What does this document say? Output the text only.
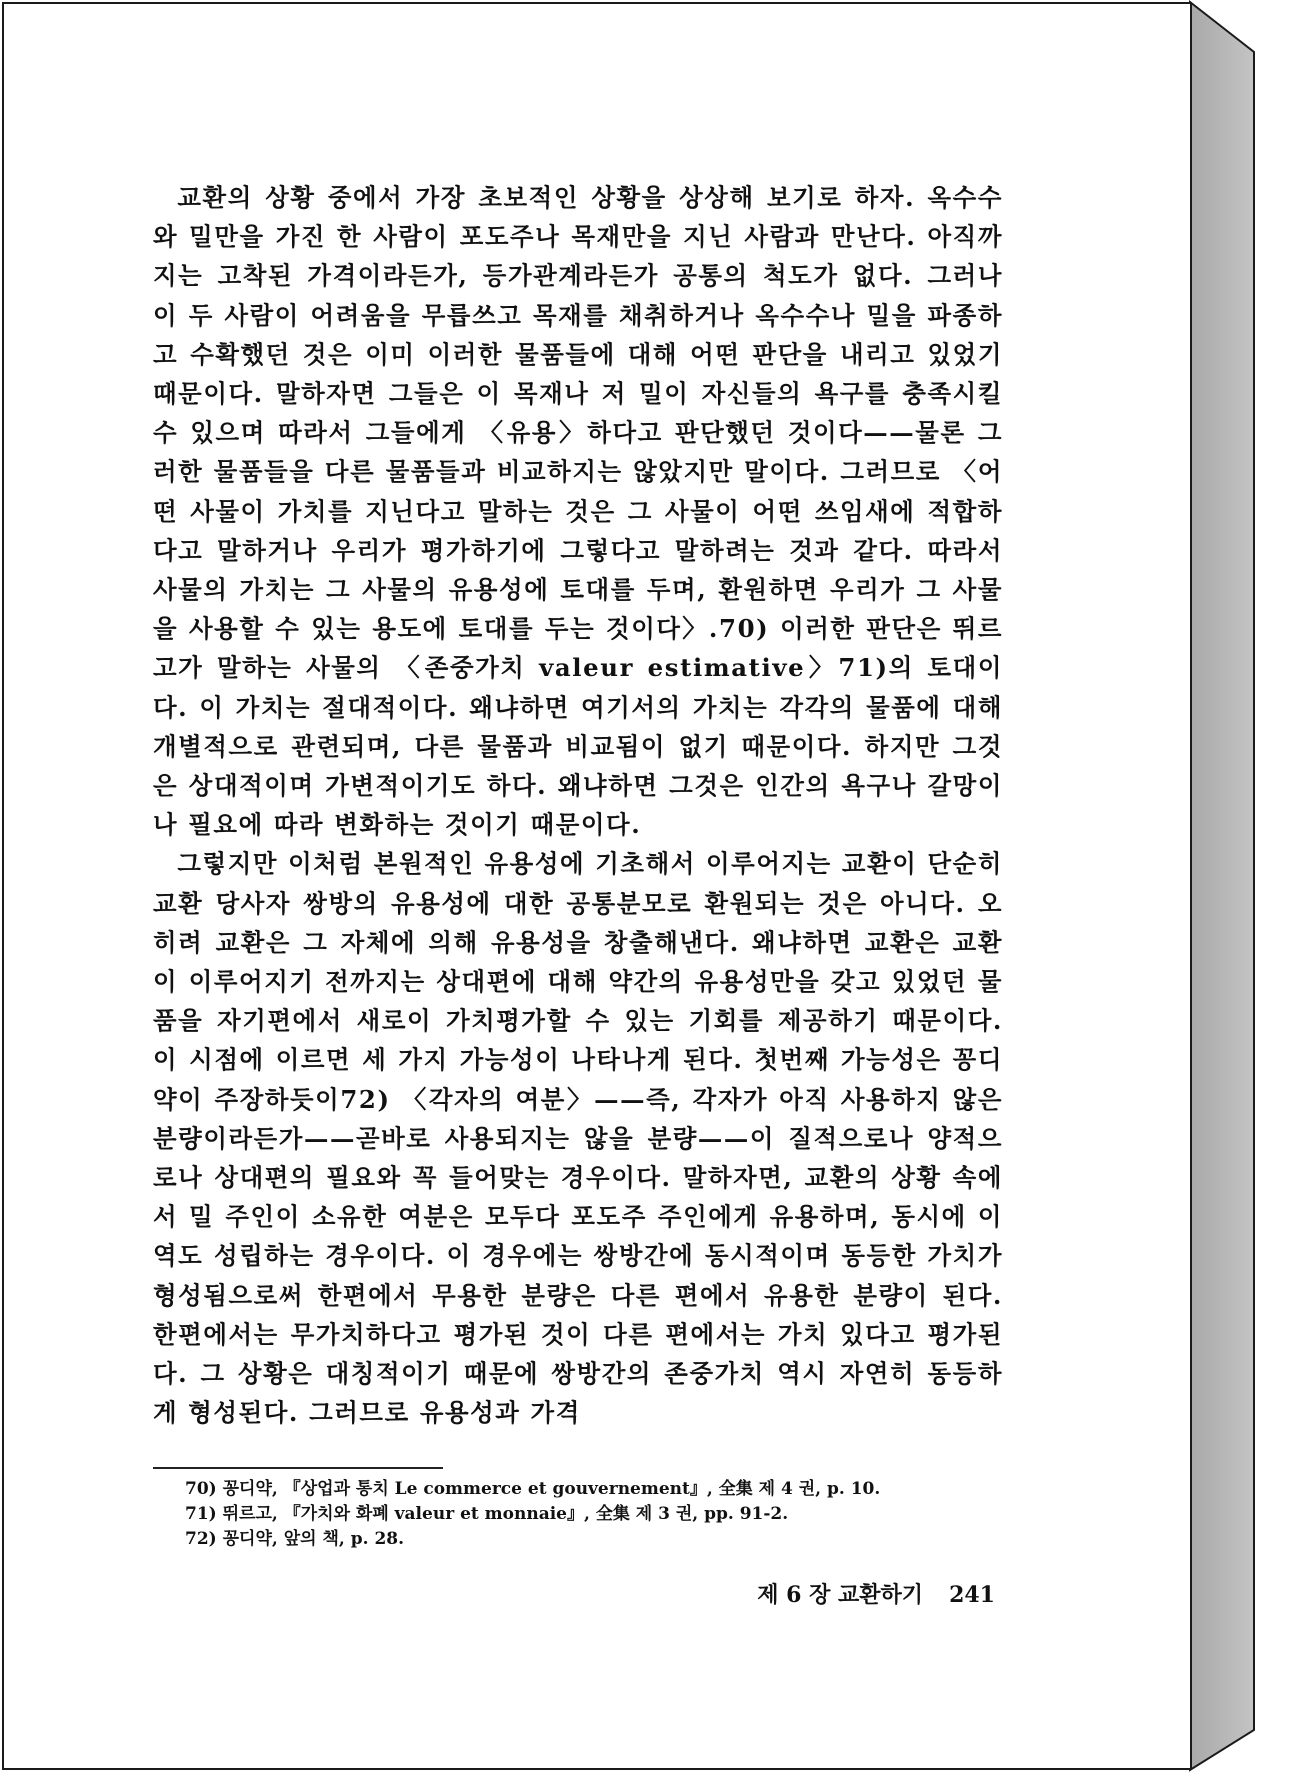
교환의 상황 중에서 가장 초보적인 상황을 상상해 보기로 하자. 옥수수와 밀만을 가진 한 사람이 포도주나 목재만을 지닌 사람과 만난다. 아직까지는 고착된 가격이라든가, 등가관계라든가 공통의 척도가 없다. 그러나 이 두 사람이 어려움을 무릅쓰고 목재를 채취하거나 옥수수나 밀을 파종하고 수확했던 것은 이미 이러한 물품들에 대해 어떤 판단을 내리고 있었기 때문이다. 말하자면 그들은 이 목재나 저 밀이 자신들의 욕구를 충족시킬 수 있으며 따라서 그들에게 〈유용〉하다고 판단했던 것이다——물론 그러한 물품들을 다른 물품들과 비교하지는 않았지만 말이다. 그러므로 〈어떤 사물이 가치를 지닌다고 말하는 것은 그 사물이 어떤 쓰임새에 적합하다고 말하거나 우리가 평가하기에 그렇다고 말하려는 것과 같다. 따라서 사물의 가치는 그 사물의 유용성에 토대를 두며, 환원하면 우리가 그 사물을 사용할 수 있는 용도에 토대를 두는 것이다〉.70) 이러한 판단은 뛰르고가 말하는 사물의 〈존중가치 valeur estimative〉71)의 토대이다. 이 가치는 절대적이다. 왜냐하면 여기서의 가치는 각각의 물품에 대해 개별적으로 관련되며, 다른 물품과 비교됨이 없기 때문이다. 하지만 그것은 상대적이며 가변적이기도 하다. 왜냐하면 그것은 인간의 욕구나 갈망이나 필요에 따라 변화하는 것이기 때문이다.

그렇지만 이처럼 본원적인 유용성에 기초해서 이루어지는 교환이 단순히 교환 당사자 쌍방의 유용성에 대한 공통분모로 환원되는 것은 아니다. 오히려 교환은 그 자체에 의해 유용성을 창출해낸다. 왜냐하면 교환은 교환이 이루어지기 전까지는 상대편에 대해 약간의 유용성만을 갖고 있었던 물품을 자기편에서 새로이 가치평가할 수 있는 기회를 제공하기 때문이다. 이 시점에 이르면 세 가지 가능성이 나타나게 된다. 첫번째 가능성은 꽁디약이 주장하듯이72) 〈각자의 여분〉——즉, 각자가 아직 사용하지 않은 분량이라든가——곧바로 사용되지는 않을 분량——이 질적으로나 양적으로나 상대편의 필요와 꼭 들어맞는 경우이다. 말하자면, 교환의 상황 속에서 밀 주인이 소유한 여분은 모두다 포도주 주인에게 유용하며, 동시에 이 역도 성립하는 경우이다. 이 경우에는 쌍방간에 동시적이며 동등한 가치가 형성됨으로써 한편에서 무용한 분량은 다른 편에서 유용한 분량이 된다. 한편에서는 무가치하다고 평가된 것이 다른 편에서는 가치 있다고 평가된다. 그 상황은 대칭적이기 때문에 쌍방간의 존중가치 역시 자연히 동등하게 형성된다. 그러므로 유용성과 가격

70) 꽁디약, 『상업과 통치 Le commerce et gouvernement』, 全集 제 4 권, p. 10.
71) 뛰르고, 『가치와 화폐 valeur et monnaie』, 全集 제 3 권, pp. 91-2.
72) 꽁디약, 앞의 책, p. 28.
제 6 장 교환하기 241
